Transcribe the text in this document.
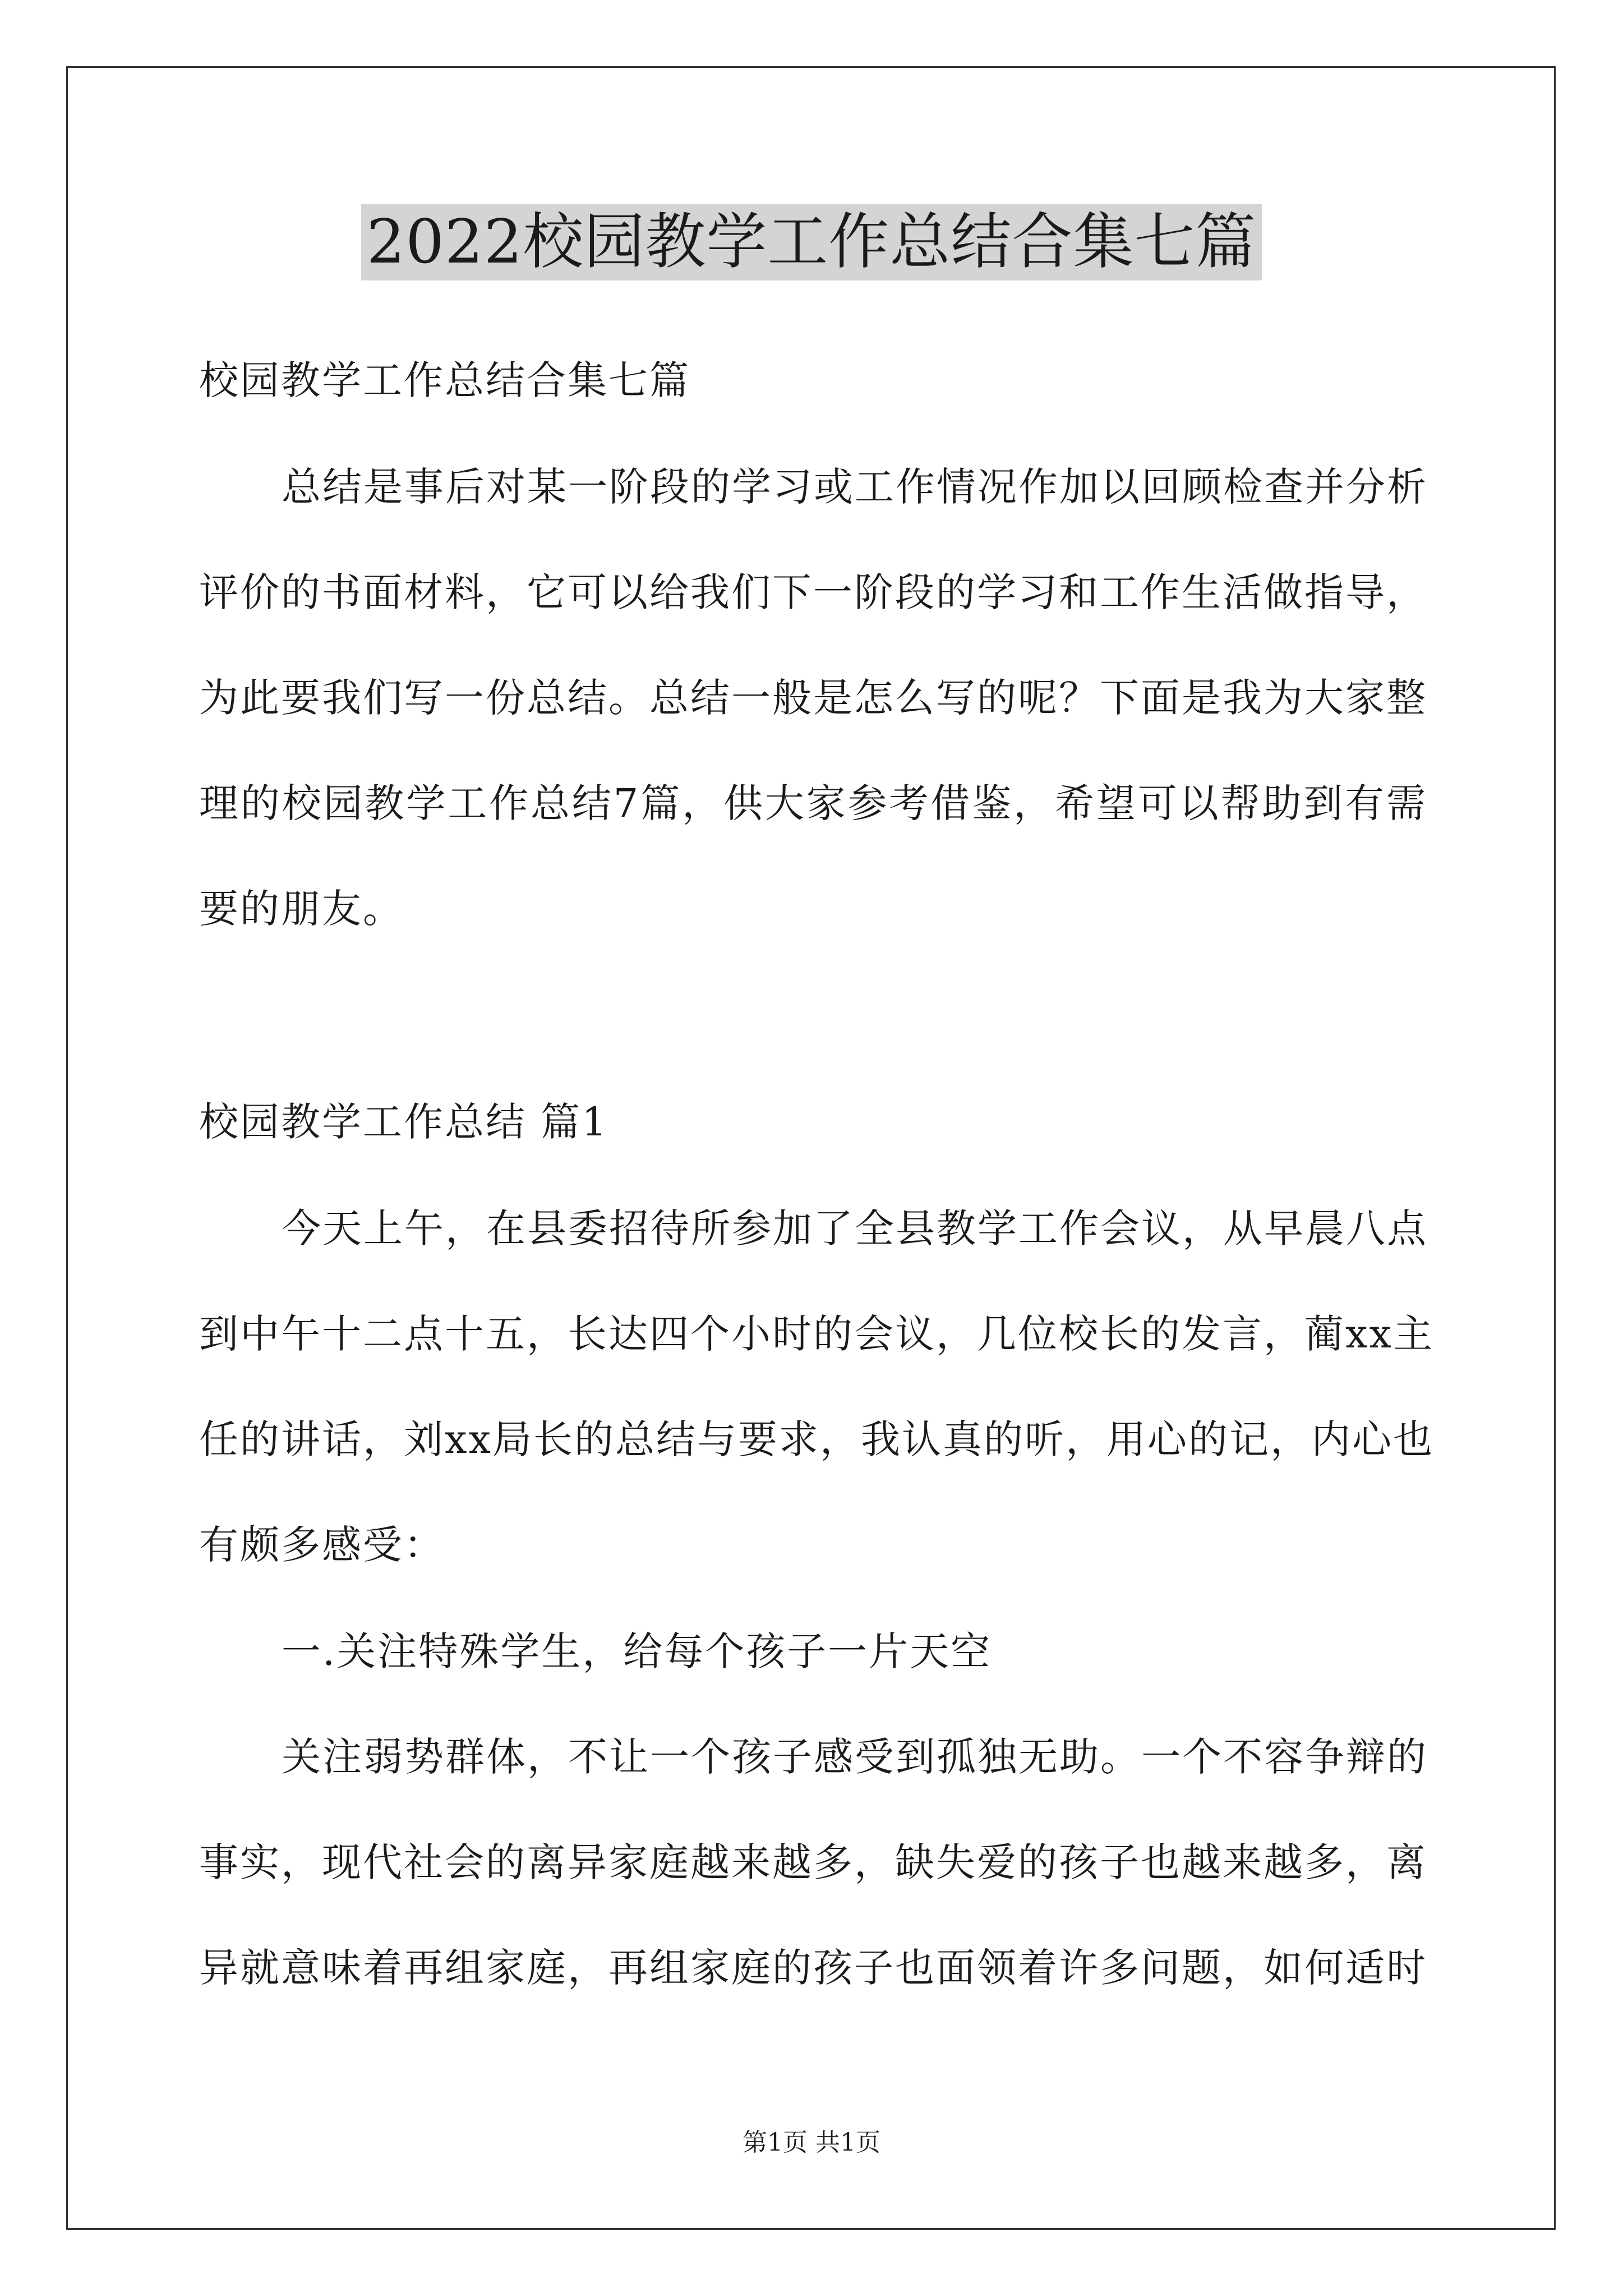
2022校园教学工作总结合集七篇
校园教学工作总结合集七篇
总结是事后对某一阶段的学习或工作情况作加以回顾检查并分析
评价的书面材料，它可以给我们下一阶段的学习和工作生活做指导，
为此要我们写一份总结。总结一般是怎么写的呢？下面是我为大家整
理的校园教学工作总结7篇，供大家参考借鉴，希望可以帮助到有需
要的朋友。
校园教学工作总结 篇1
今天上午，在县委招待所参加了全县教学工作会议，从早晨八点
到中午十二点十五，长达四个小时的会议，几位校长的发言，蔺xx主
任的讲话，刘xx局长的总结与要求，我认真的听，用心的记，内心也
有颇多感受：
一.关注特殊学生，给每个孩子一片天空
关注弱势群体，不让一个孩子感受到孤独无助。一个不容争辩的
事实，现代社会的离异家庭越来越多，缺失爱的孩子也越来越多，离
异就意味着再组家庭，再组家庭的孩子也面领着许多问题，如何适时
第1页 共1页
